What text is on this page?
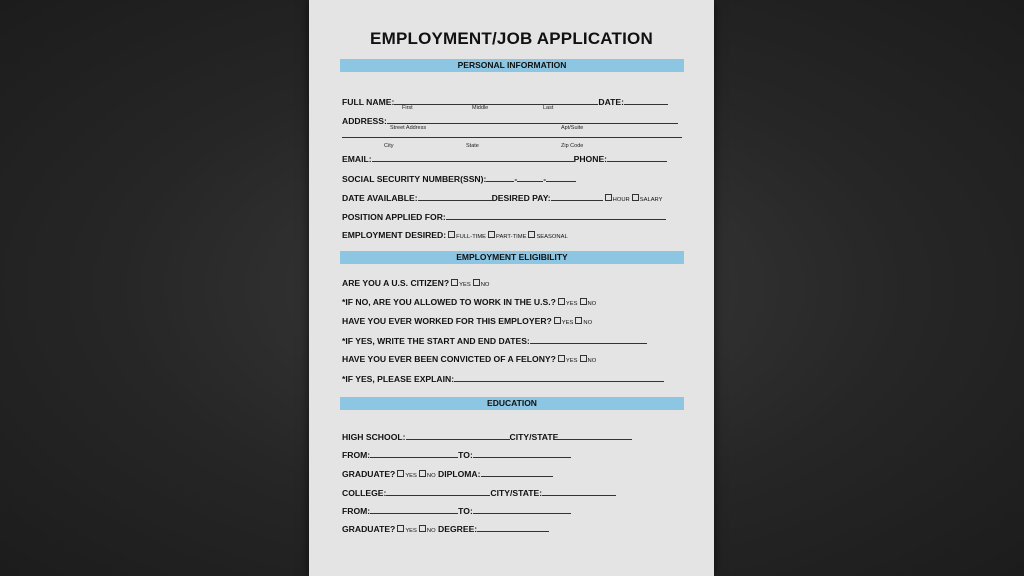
EMPLOYMENT/JOB APPLICATION
PERSONAL INFORMATION
FULL NAME:	DATE:
First	Middle	Last
ADDRESS:
Street Address	Apt/Suite
City	State	Zip Code
EMAIL:	PHONE:
SOCIAL SECURITY NUMBER(SSN):	-	-
DATE AVAILABLE:	DESIRED PAY:	HOUR SALARY
POSITION APPLIED FOR:
EMPLOYMENT DESIRED: FULL-TIME PART-TIME SEASONAL
EMPLOYMENT ELIGIBILITY
ARE YOU A U.S. CITIZEN? YES NO
*IF NO, ARE YOU ALLOWED TO WORK IN THE U.S.? YES NO
HAVE YOU EVER WORKED FOR THIS EMPLOYER? YES NO
*IF YES, WRITE THE START AND END DATES:
HAVE YOU EVER BEEN CONVICTED OF A FELONY? YES NO
*IF YES, PLEASE EXPLAIN:
EDUCATION
HIGH SCHOOL:	CITY/STATE
FROM:	TO:
GRADUATE? YES NO DIPLOMA:
COLLEGE:	CITY/STATE:
FROM:	TO:
GRADUATE? YES NO DEGREE:
